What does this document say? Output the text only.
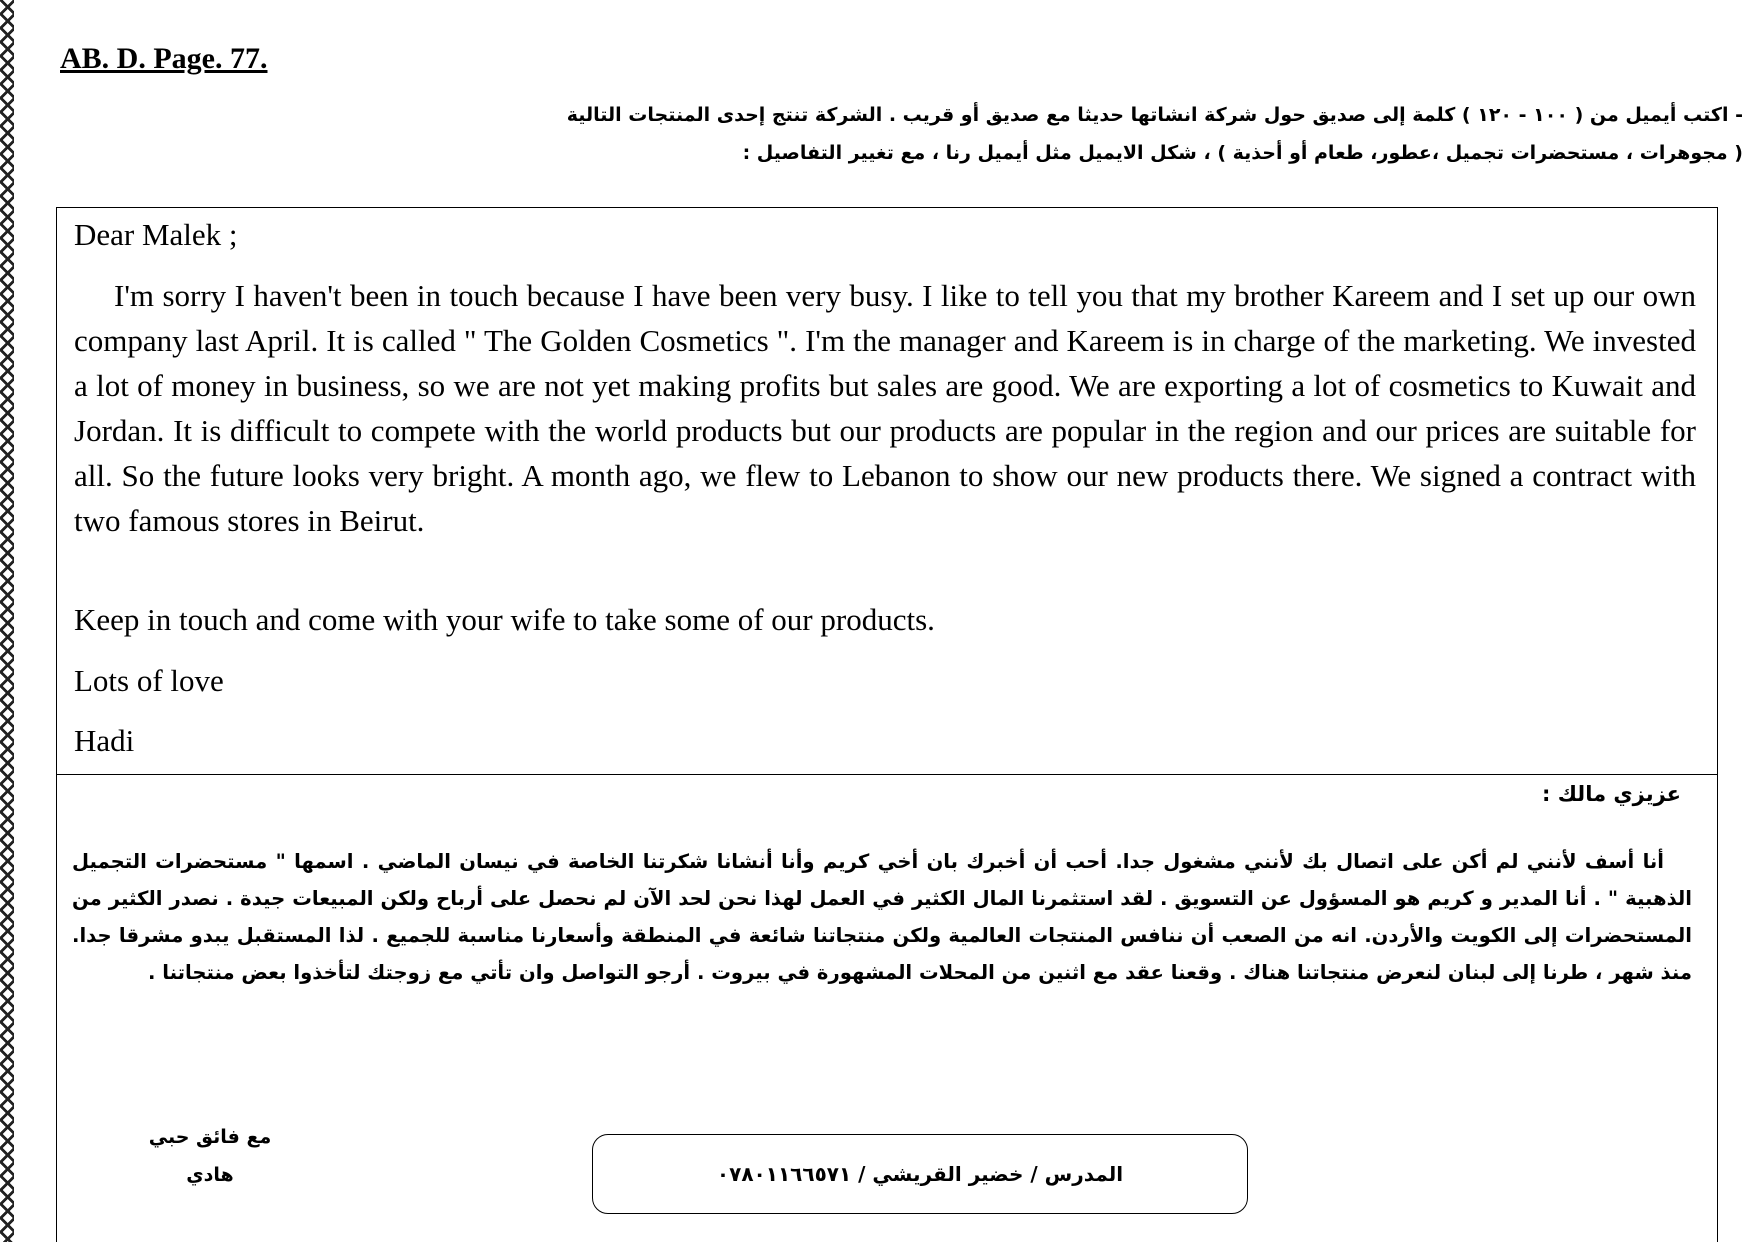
AB. D. Page. 77.
- اكتب أيميل من ( ١٠٠ - ١٢٠ ) كلمة إلى صديق حول شركة انشاتها حديثا مع صديق أو قريب . الشركة تنتج إحدى المنتجات التالية
( مجوهرات ، مستحضرات تجميل ،عطور، طعام أو أحذية ) ، شكل الايميل مثل أيميل رنا ، مع تغيير التفاصيل :
Dear Malek ;
I'm sorry I haven't been in touch because I have been very busy. I like to tell you that my brother Kareem and I set up our own company last April. It is called " The Golden Cosmetics ". I'm the manager and Kareem is in charge of the marketing. We invested a lot of money in business, so we are not yet making profits but sales are good. We are exporting a lot of cosmetics to Kuwait and Jordan. It is difficult to compete with the world products but our products are popular in the region and our prices are suitable for all. So the future looks very bright. A month ago, we flew to Lebanon to show our new products there. We signed a contract with two famous stores in Beirut.
Keep in touch and come with your wife to take some of our products.
Lots of love
Hadi
عزيزي مالك :
أنا أسف لأنني لم أكن على اتصال بك لأنني مشغول جدا. أحب أن أخبرك بان أخي كريم وأنا أنشانا شكرتنا الخاصة في نيسان الماضي . اسمها " مستحضرات التجميل الذهبية " . أنا المدير و كريم هو المسؤول عن التسويق . لقد استثمرنا المال الكثير في العمل لهذا نحن لحد الآن لم نحصل على أرباح ولكن المبيعات جيدة . نصدر الكثير من المستحضرات إلى الكويت والأردن. انه من الصعب أن ننافس المنتجات العالمية ولكن منتجاتنا شائعة في المنطقة وأسعارنا مناسبة للجميع . لذا المستقبل يبدو مشرقا جدا. منذ شهر ، طرنا إلى لبنان لنعرض منتجاتنا هناك . وقعنا عقد مع اثنين من المحلات المشهورة في بيروت . أرجو التواصل وان تأتي مع زوجتك لتأخذوا بعض منتجاتنا .
مع فائق حبي
هادي	المدرس / خضير القريشي / ٠٧٨٠١١٦٦٥٧١
